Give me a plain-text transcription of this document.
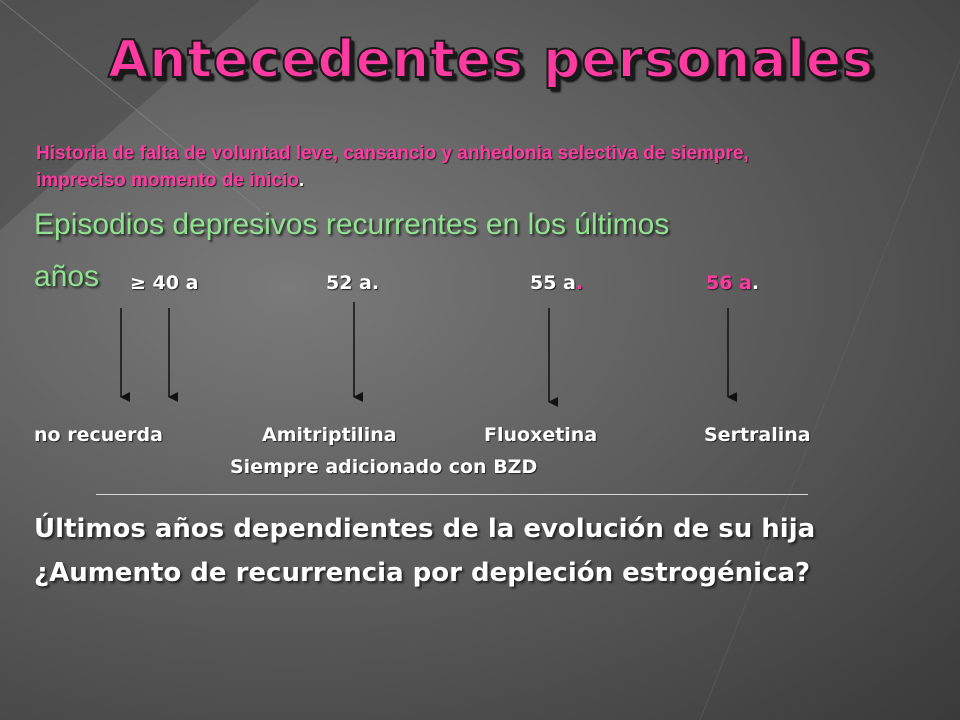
Antecedentes personales
Historia de falta de voluntad leve, cansancio y anhedonia selectiva de siempre,
impreciso momento de inicio.
Episodios depresivos recurrentes en los últimos
años ≥ 40 a	52 a.	55 a.	56 a.
no recuerda	Amitriptilina	Fluoxetina	Sertralina
Siempre adicionado con BZD
Últimos años dependientes de la evolución de su hija
¿Aumento de recurrencia por depleción estrogénica?
